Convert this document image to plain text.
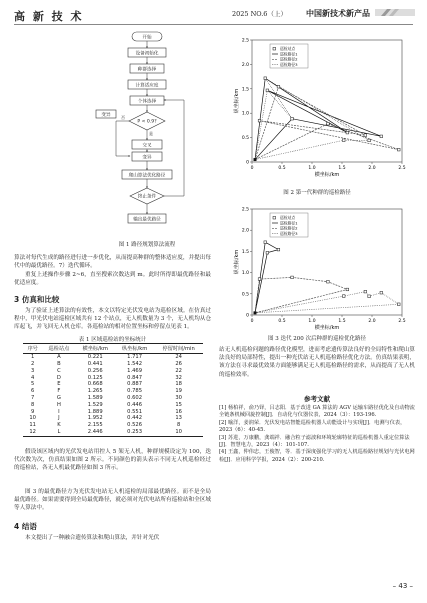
高 新 技 术	2025 NO.6（上） 中国新技术新产品
开始
设备初始化
种群选择
计算适应度
个体选择
P < 0.9?
是
否
变异
交叉
变异
爬山算法优化路径
终止条件
输出最优路径
图 1 路径规划算法流程
算法对每代生成的路径进行进一步优化，从而提高种群的整体适应度，并提出每代中的最优路径。7）迭代循环。
重复上述操作步骤 2~6，直至搜索次数达到 m。此时所得即最优路径和最优适应度。
3 仿真和比较
为了验证上述算法的有效性，本文以特定光伏发电站为巡检区域。在仿真过程中，甲光伏电站巡检区域共有 12 个站点，无人机数量为 3 个，无人机均从仓库起飞，并飞回无人机仓库。各巡检站的相对位置坐标和停留点见表 1。
表 1 区域巡检站的坐标统计
序号	巡检站点	横坐标/km	纵坐标/km	停留时间/min
1	A	0.221	1.717	24
2	B	0.441	1.542	26
3	C	0.256	1.469	22
4	D	0.125	0.847	32
5	E	0.668	0.887	18
6	F	1.265	0.785	19
7	G	1.589	0.602	30
8	H	1.529	0.446	15
9	I	1.889	0.551	16
10	J	1.952	0.442	13
11	K	2.155	0.526	8
12	L	2.446	0.253	10
假设该区域内的光伏发电站用控人 5 架无人机，种群规模设定为 100，迭代次数为次，仿真结果如图 2 所示。不同颜色的箭头表示不同无人机巡检经过的巡检站，各无人机最优路径如图 3 所示。
图 3 的最优路径方为光伏发电站无人机巡检的局部最优路径。而不是全局最优路径。如果需要得到全局最优路径，就必须对光伏电站所有巡检站和全区域等人算法中。
4 结语
本文提出了一种融合遗传算法和爬山算法，并针对光伏
0	0.5	1.0	1.5	2.0	2.5
0
0.5
1.0
1.5
2.0
2.5
横坐标/km
纵坐标/km
巡检站点
巡检路径1
巡检路径2
巡检路径3
图 2 第一代种群的巡检路径
0	0.5	1.0	1.5	2.0	2.5
0
0.5
1.0
1.5
2.0
2.5
横坐标/km
纵坐标/km
巡检站点
巡检路径1
巡检路径2
巡检路径3
图 3 迭代 200 次后种群的巡检优化路径
站无人机巡检问题的路径优化模型，进而考虑遗传算法良好的全局特性和爬山算法良好的局部特性，提出一种光伏站无人机巡检路径优化方法。仿真结果表明，该方法在寻求最优效果方面能够满足无人机巡检路径的需求，从而提高了无人机的巡检效率。
参考文献
[1] 杨柏祥，俞乃铎，吕志阳．基于改进 GA 算法的 AGV 运输车路径优化及自动物流全链条机械回旋控制[J]．自动化与仪器仪表，2024（3）：193-196.
[2] 喻洋，姜润荣．光伏发电站智能巡检机器人动能设计与实现[J]．电测与仪表，2023（6）：40-45.
[3] 苏进，万康鹏，龚端祥．融合粒子滤波和环境轮廓特征的巡检机器人重定位算法[J]．智慧电力，2023（4）：101-107.
[4] 王鑫，仲伟忠，王俊智，等．基于深度强化学习的无人机巡检路径规划与光伏电网检[J]．应用科学学报，2024（2）：200-210.
– 43 –
